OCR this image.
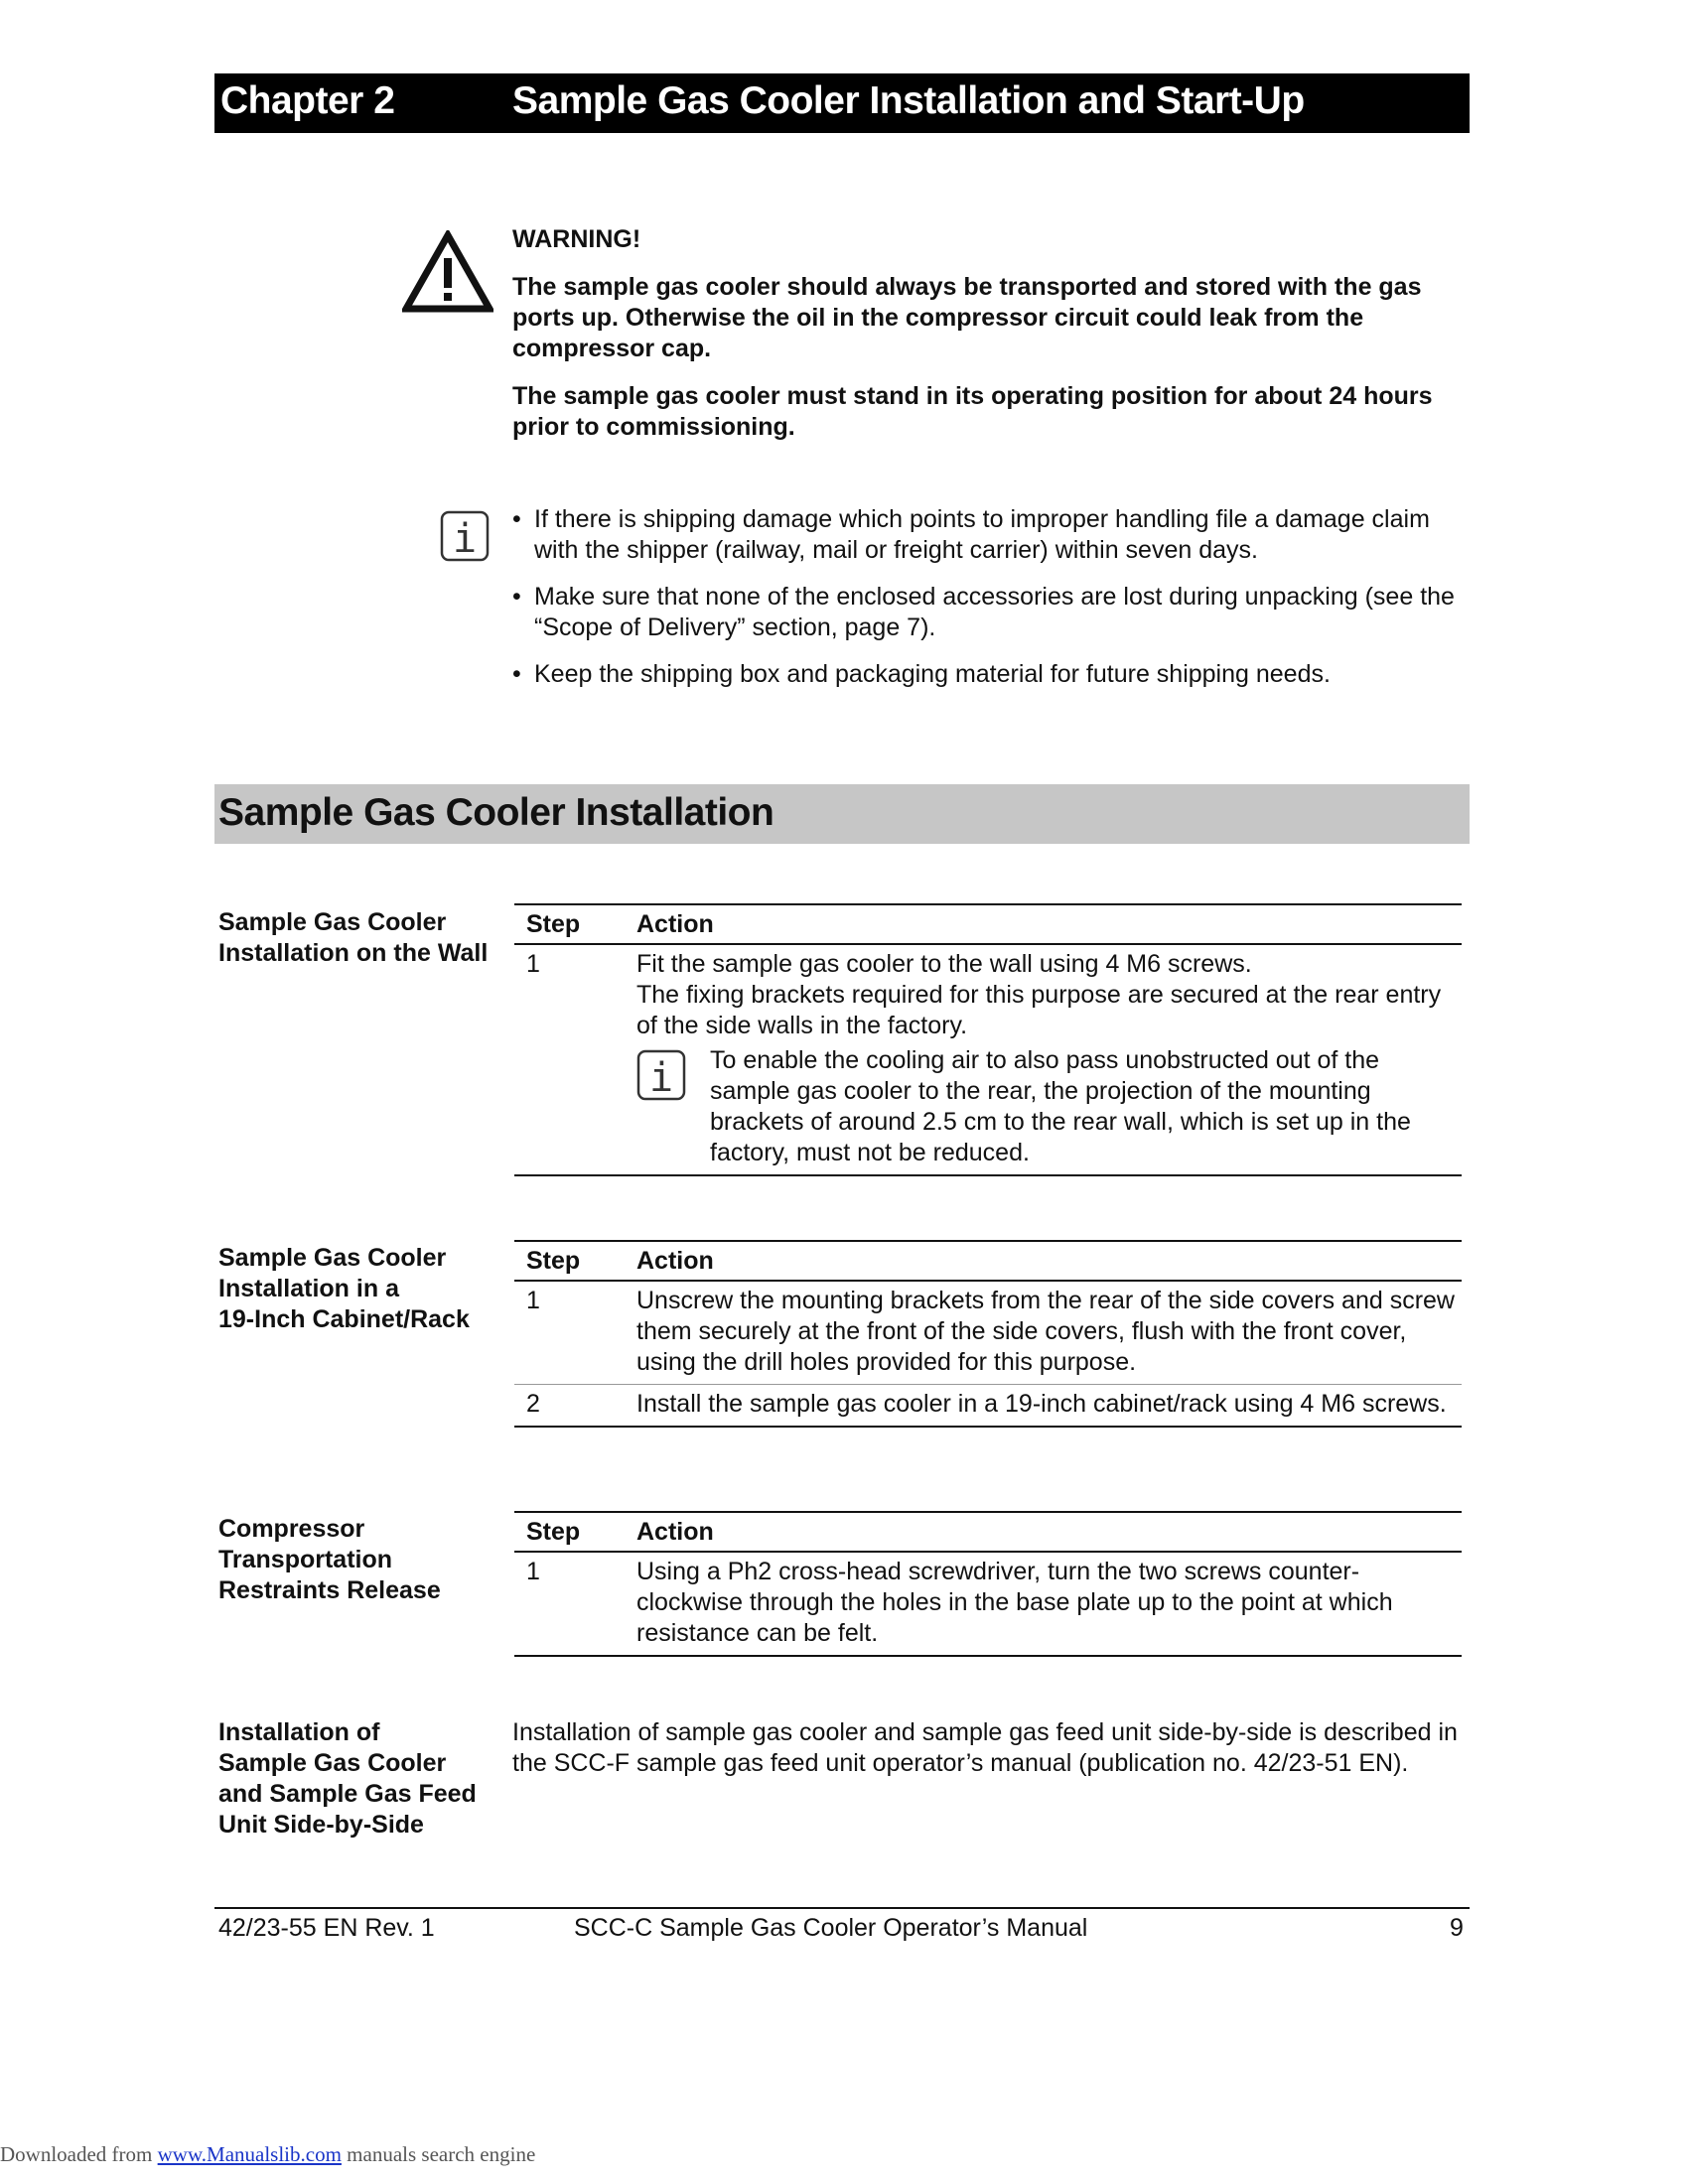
Chapter 2	Sample Gas Cooler Installation and Start-Up
WARNING!
The sample gas cooler should always be transported and stored with the gas ports up. Otherwise the oil in the compressor circuit could leak from the compressor cap.
The sample gas cooler must stand in its operating position for about 24 hours prior to commissioning.
i
•	If there is shipping damage which points to improper handling file a damage claim with the shipper (railway, mail or freight carrier) within seven days.
• Make sure that none of the enclosed accessories are lost during unpacking (see the “Scope of Delivery” section, page 7).
• Keep the shipping box and packaging material for future shipping needs.
Sample Gas Cooler Installation
Sample Gas Cooler
Installation on the Wall
Step Action
1	Fit the sample gas cooler to the wall using 4 M6 screws.
The fixing brackets required for this purpose are secured at the rear entry of the side walls in the factory.
i To enable the cooling air to also pass unobstructed out of the sample gas cooler to the rear, the projection of the mounting brackets of around 2.5 cm to the rear wall, which is set up in the factory, must not be reduced.
Sample Gas Cooler
Installation in a
19-Inch Cabinet/Rack
Step Action
1	Unscrew the mounting brackets from the rear of the side covers and screw them securely at the front of the side covers, flush with the front cover, using the drill holes provided for this purpose.
2	Install the sample gas cooler in a 19-inch cabinet/rack using 4 M6 screws.
Compressor
Transportation
Restraints Release
Step Action
1	Using a Ph2 cross-head screwdriver, turn the two screws counter-clockwise through the holes in the base plate up to the point at which resistance can be felt.
Installation of
Sample Gas Cooler
and Sample Gas Feed
Unit Side-by-Side
Installation of sample gas cooler and sample gas feed unit side-by-side is described in the SCC-F sample gas feed unit operator’s manual (publication no. 42/23-51 EN).
42/23-55 EN Rev. 1	SCC-C Sample Gas Cooler Operator’s Manual	9
Downloaded from www.Manualslib.com manuals search engine
